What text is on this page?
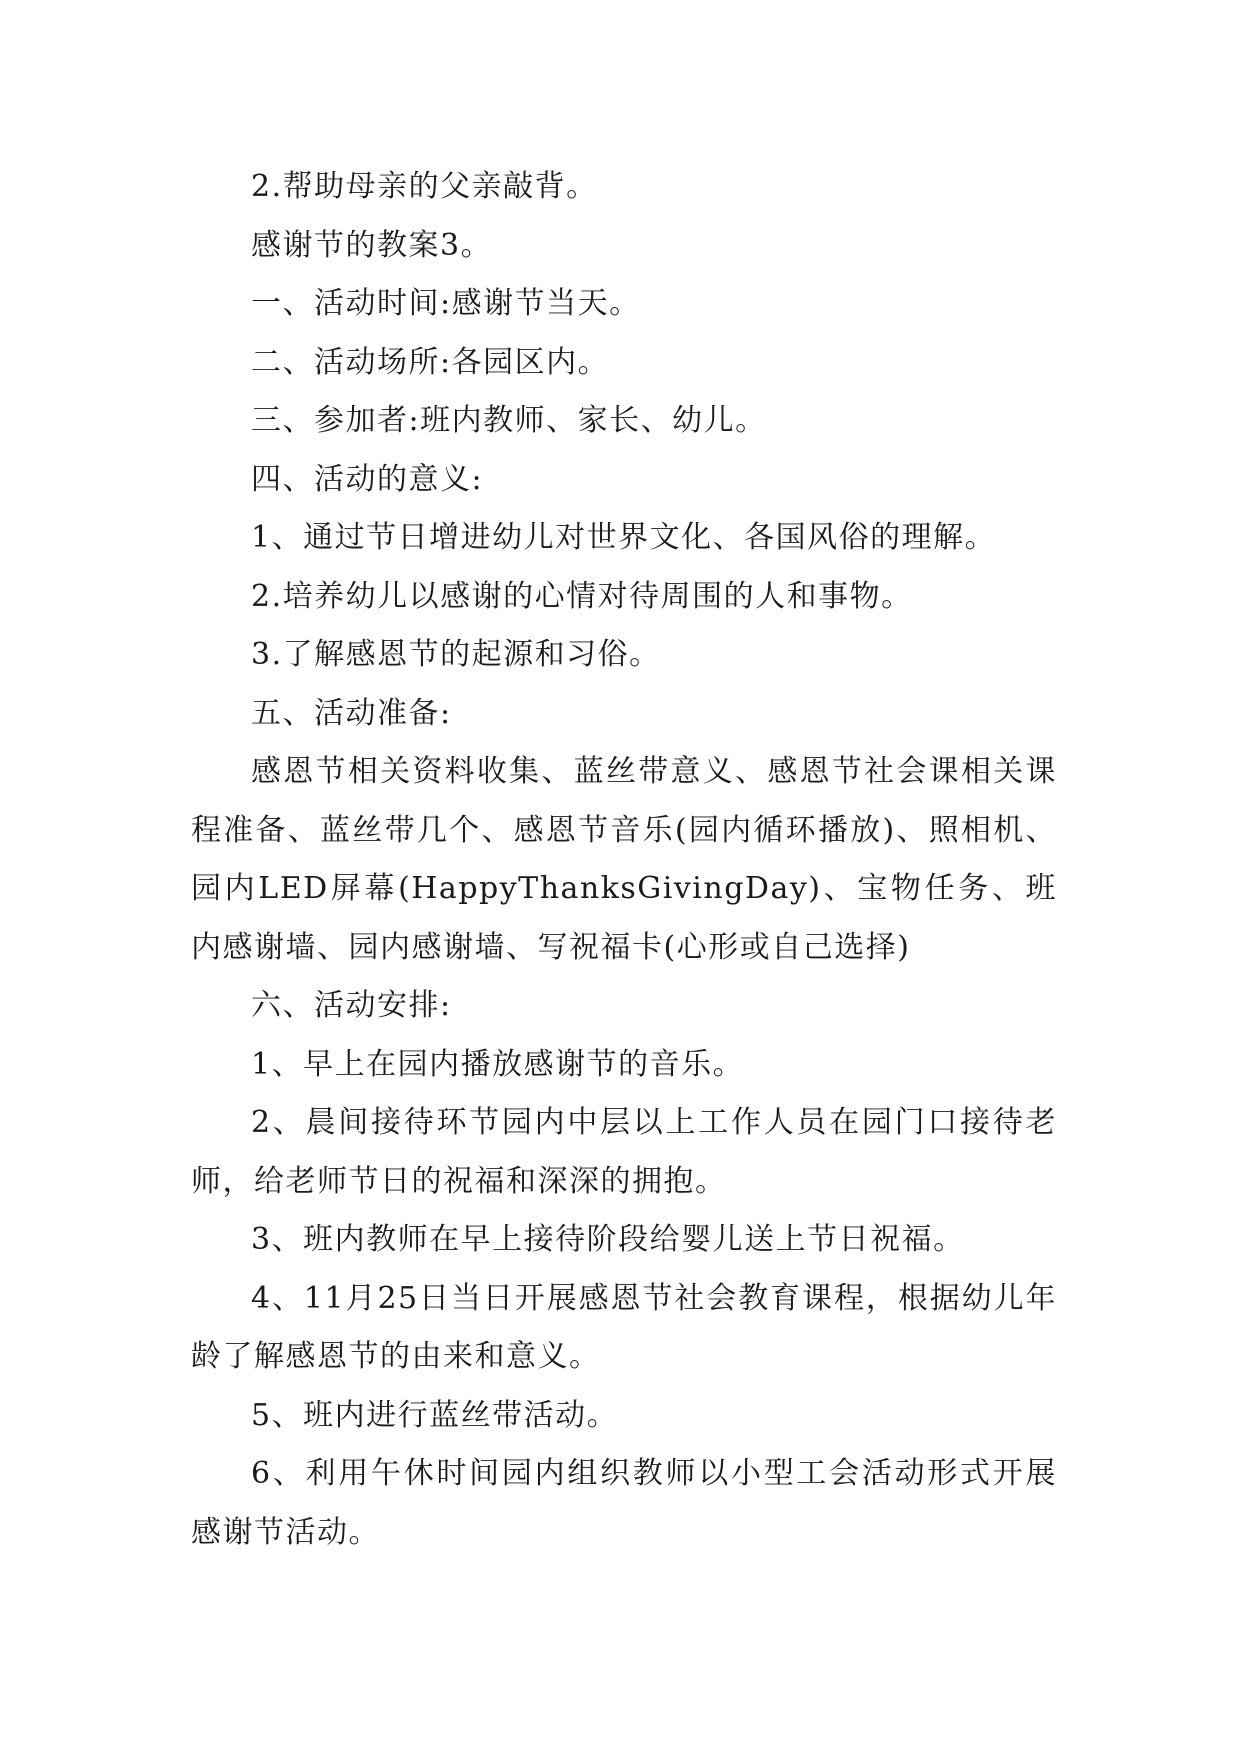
2.帮助母亲的父亲敲背。

感谢节的教案3。

一、活动时间:感谢节当天。

二、活动场所:各园区内。

三、参加者:班内教师、家长、幼儿。

四、活动的意义:

1、通过节日增进幼儿对世界文化、各国风俗的理解。

2.培养幼儿以感谢的心情对待周围的人和事物。

3.了解感恩节的起源和习俗。

五、活动准备:

感恩节相关资料收集、蓝丝带意义、感恩节社会课相关课程准备、蓝丝带几个、感恩节音乐(园内循环播放)、照相机、园内LED屏幕(HappyThanksGivingDay)、宝物任务、班内感谢墙、园内感谢墙、写祝福卡(心形或自己选择)

六、活动安排:

1、早上在园内播放感谢节的音乐。

2、晨间接待环节园内中层以上工作人员在园门口接待老师，给老师节日的祝福和深深的拥抱。

3、班内教师在早上接待阶段给婴儿送上节日祝福。

4、11月25日当日开展感恩节社会教育课程，根据幼儿年龄了解感恩节的由来和意义。

5、班内进行蓝丝带活动。

6、利用午休时间园内组织教师以小型工会活动形式开展感谢节活动。
